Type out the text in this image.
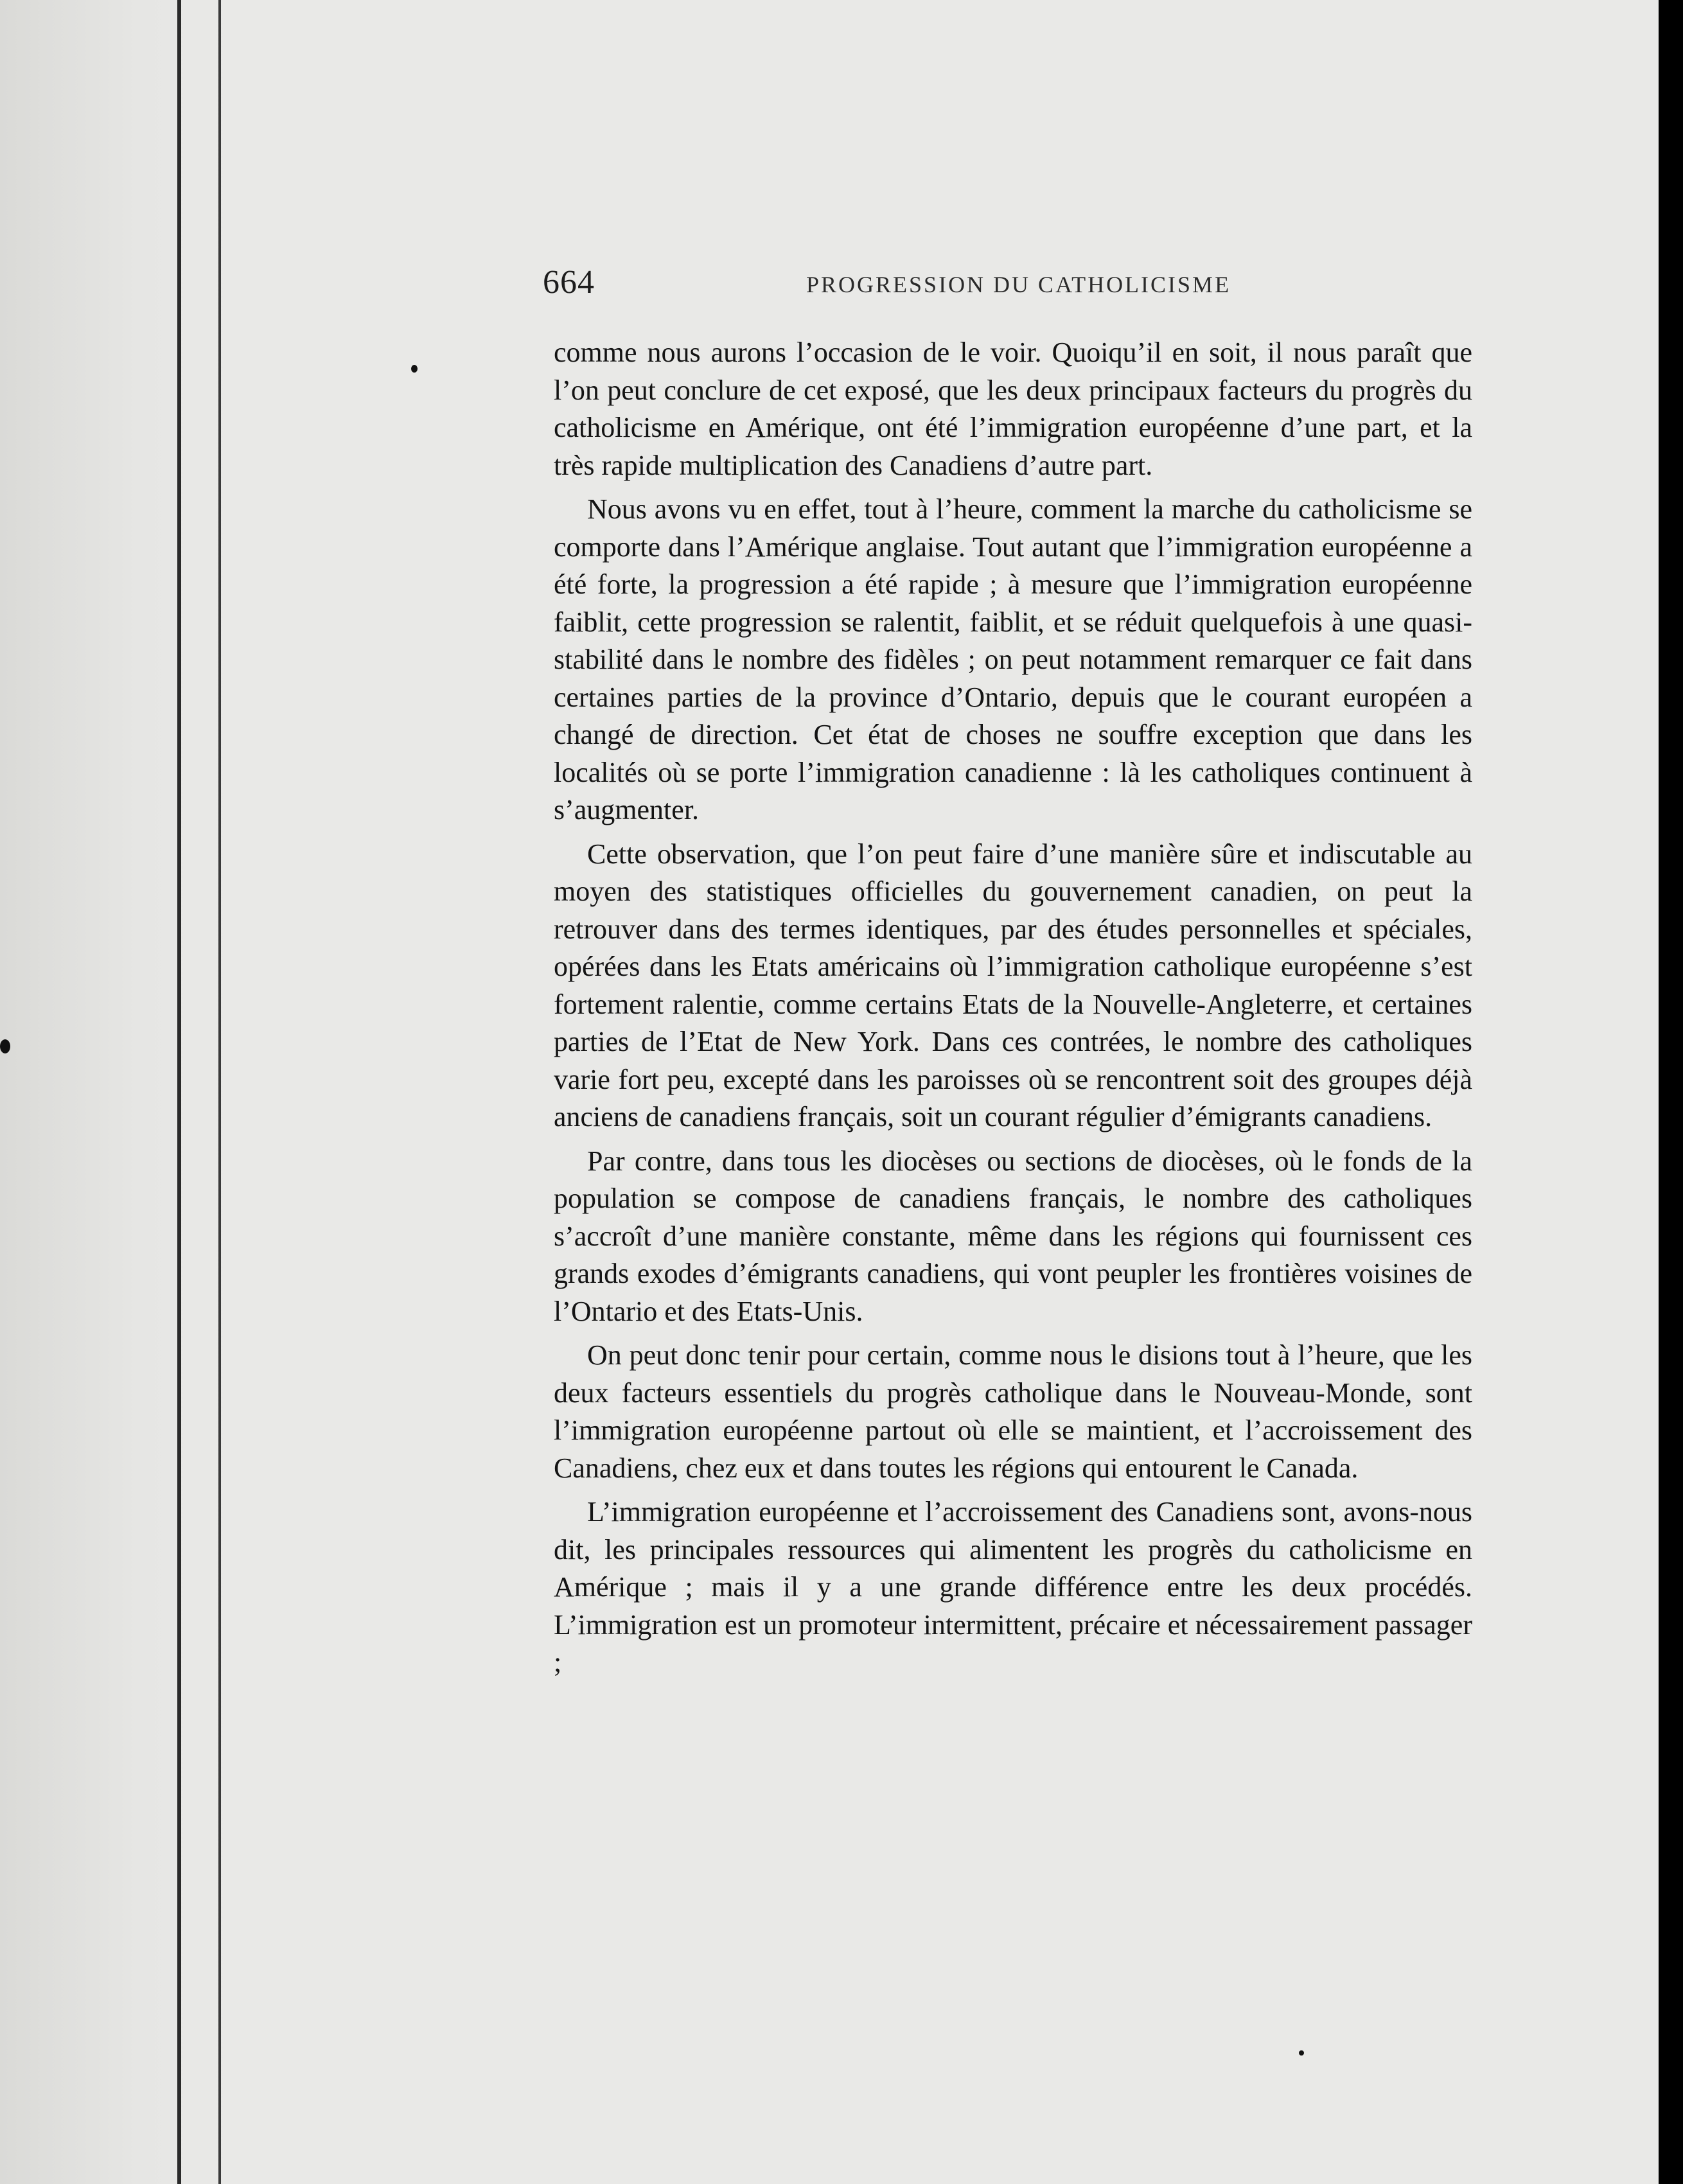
664	PROGRESSION DU CATHOLICISME

comme nous aurons l’occasion de le voir. Quoiqu’il en soit, il nous paraît que l’on peut conclure de cet exposé, que les deux principaux facteurs du progrès du catholicisme en Amérique, ont été l’immigration européenne d’une part, et la très rapide multiplication des Canadiens d’autre part.

Nous avons vu en effet, tout à l’heure, comment la marche du catholicisme se comporte dans l’Amérique anglaise. Tout autant que l’immigration européenne a été forte, la progression a été rapide ; à mesure que l’immigration européenne faiblit, cette progression se ralentit, faiblit, et se réduit quelquefois à une quasi-stabilité dans le nombre des fidèles ; on peut notamment remarquer ce fait dans certaines parties de la province d’Ontario, depuis que le courant européen a changé de direction. Cet état de choses ne souffre exception que dans les localités où se porte l’immigration canadienne : là les catholiques continuent à s’augmenter.

Cette observation, que l’on peut faire d’une manière sûre et indiscutable au moyen des statistiques officielles du gouvernement canadien, on peut la retrouver dans des termes identiques, par des études personnelles et spéciales, opérées dans les Etats américains où l’immigration catholique européenne s’est fortement ralentie, comme certains Etats de la Nouvelle-Angleterre, et certaines parties de l’Etat de New York. Dans ces contrées, le nombre des catholiques varie fort peu, excepté dans les paroisses où se rencontrent soit des groupes déjà anciens de canadiens français, soit un courant régulier d’émigrants canadiens.

Par contre, dans tous les diocèses ou sections de diocèses, où le fonds de la population se compose de canadiens français, le nombre des catholiques s’accroît d’une manière constante, même dans les régions qui fournissent ces grands exodes d’émigrants canadiens, qui vont peupler les frontières voisines de l’Ontario et des Etats-Unis.

On peut donc tenir pour certain, comme nous le disions tout à l’heure, que les deux facteurs essentiels du progrès catholique dans le Nouveau-Monde, sont l’immigration européenne partout où elle se maintient, et l’accroissement des Canadiens, chez eux et dans toutes les régions qui entourent le Canada.

L’immigration européenne et l’accroissement des Canadiens sont, avons-nous dit, les principales ressources qui alimentent les progrès du catholicisme en Amérique ; mais il y a une grande différence entre les deux procédés. L’immigration est un promoteur intermittent, précaire et nécessairement passager ;
